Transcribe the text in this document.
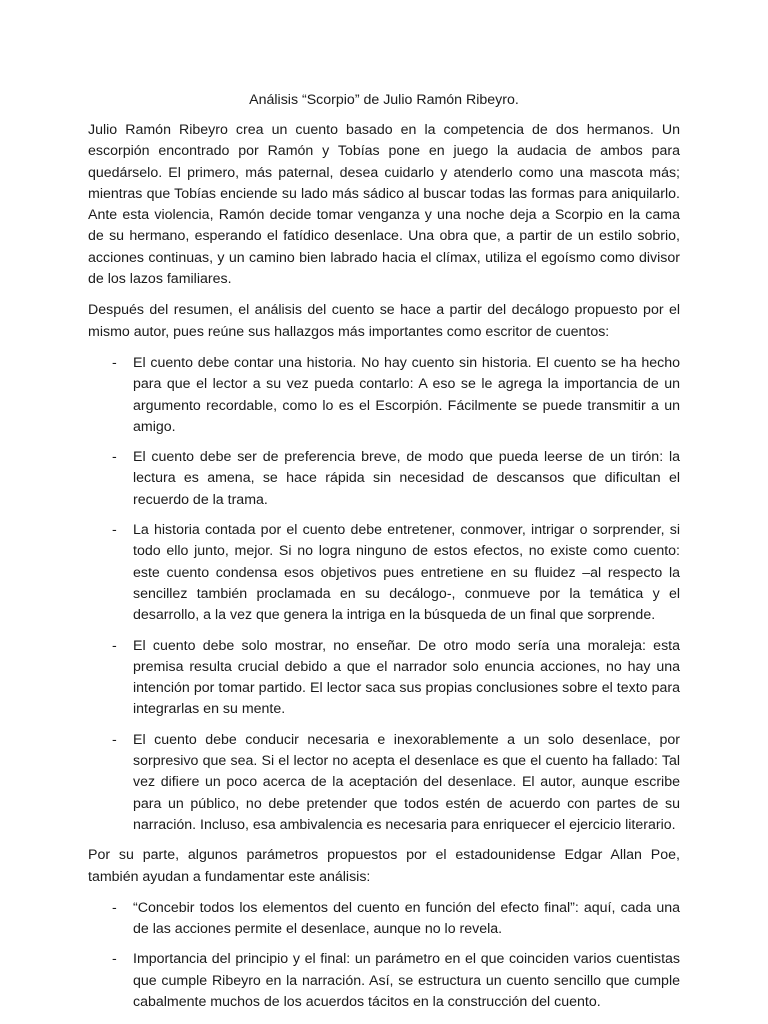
Análisis “Scorpio” de Julio Ramón Ribeyro.

Julio Ramón Ribeyro crea un cuento basado en la competencia de dos hermanos. Un escorpión encontrado por Ramón y Tobías pone en juego la audacia de ambos para quedárselo. El primero, más paternal, desea cuidarlo y atenderlo como una mascota más; mientras que Tobías enciende su lado más sádico al buscar todas las formas para aniquilarlo. Ante esta violencia, Ramón decide tomar venganza y una noche deja a Scorpio en la cama de su hermano, esperando el fatídico desenlace. Una obra que, a partir de un estilo sobrio, acciones continuas, y un camino bien labrado hacia el clímax, utiliza el egoísmo como divisor de los lazos familiares.

Después del resumen, el análisis del cuento se hace a partir del decálogo propuesto por el mismo autor, pues reúne sus hallazgos más importantes como escritor de cuentos:

- El cuento debe contar una historia. No hay cuento sin historia. El cuento se ha hecho para que el lector a su vez pueda contarlo: A eso se le agrega la importancia de un argumento recordable, como lo es el Escorpión. Fácilmente se puede transmitir a un amigo.
- El cuento debe ser de preferencia breve, de modo que pueda leerse de un tirón: la lectura es amena, se hace rápida sin necesidad de descansos que dificultan el recuerdo de la trama.
- La historia contada por el cuento debe entretener, conmover, intrigar o sorprender, si todo ello junto, mejor. Si no logra ninguno de estos efectos, no existe como cuento: este cuento condensa esos objetivos pues entretiene en su fluidez –al respecto la sencillez también proclamada en su decálogo-, conmueve por la temática y el desarrollo, a la vez que genera la intriga en la búsqueda de un final que sorprende.
- El cuento debe solo mostrar, no enseñar. De otro modo sería una moraleja: esta premisa resulta crucial debido a que el narrador solo enuncia acciones, no hay una intención por tomar partido. El lector saca sus propias conclusiones sobre el texto para integrarlas en su mente.
- El cuento debe conducir necesaria e inexorablemente a un solo desenlace, por sorpresivo que sea. Si el lector no acepta el desenlace es que el cuento ha fallado: Tal vez difiere un poco acerca de la aceptación del desenlace. El autor, aunque escribe para un público, no debe pretender que todos estén de acuerdo con partes de su narración. Incluso, esa ambivalencia es necesaria para enriquecer el ejercicio literario.

Por su parte, algunos parámetros propuestos por el estadounidense Edgar Allan Poe, también ayudan a fundamentar este análisis:

- “Concebir todos los elementos del cuento en función del efecto final”: aquí, cada una de las acciones permite el desenlace, aunque no lo revela.
- Importancia del principio y el final: un parámetro en el que coinciden varios cuentistas que cumple Ribeyro en la narración. Así, se estructura un cuento sencillo que cumple cabalmente muchos de los acuerdos tácitos en la construcción del cuento.
